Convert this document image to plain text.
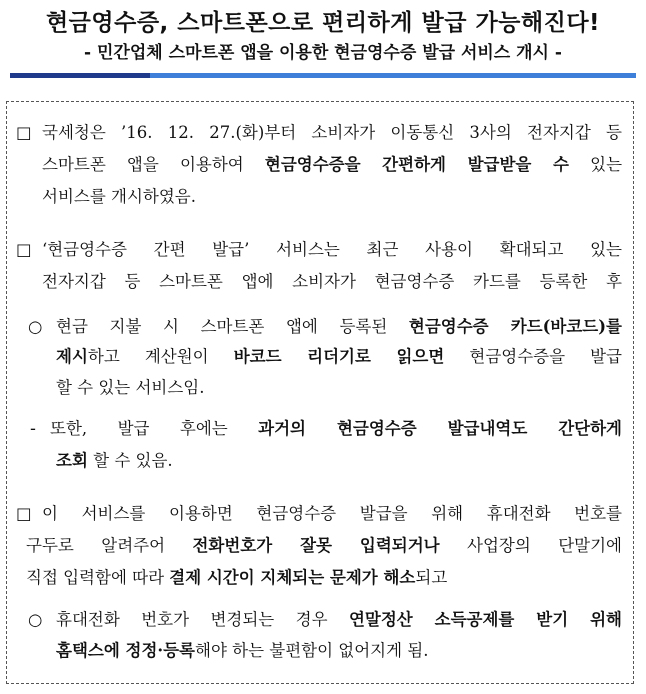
현금영수증, 스마트폰으로 편리하게 발급 가능해진다!
- 민간업체 스마트폰 앱을 이용한 현금영수증 발급 서비스 개시 -
□ 국세청은 ’16. 12. 27.(화)부터 소비자가 이동통신 3사의 전자지갑 등
스마트폰 앱을 이용하여 현금영수증을 간편하게 발급받을 수 있는
서비스를 개시하였음.
□ ‘현금영수증 간편 발급’ 서비스는 최근 사용이 확대되고 있는
전자지갑 등 스마트폰 앱에 소비자가 현금영수증 카드를 등록한 후
○ 현금 지불 시 스마트폰 앱에 등록된 현금영수증 카드(바코드)를
제시하고 계산원이 바코드 리더기로 읽으면 현금영수증을 발급
할 수 있는 서비스임.
- 또한, 발급 후에는 과거의 현금영수증 발급내역도 간단하게
조회 할 수 있음.
□ 이 서비스를 이용하면 현금영수증 발급을 위해 휴대전화 번호를
구두로 알려주어 전화번호가 잘못 입력되거나 사업장의 단말기에
직접 입력함에 따라 결제 시간이 지체되는 문제가 해소되고
○ 휴대전화 번호가 변경되는 경우 연말정산 소득공제를 받기 위해
홈택스에 정정·등록해야 하는 불편함이 없어지게 됨.
